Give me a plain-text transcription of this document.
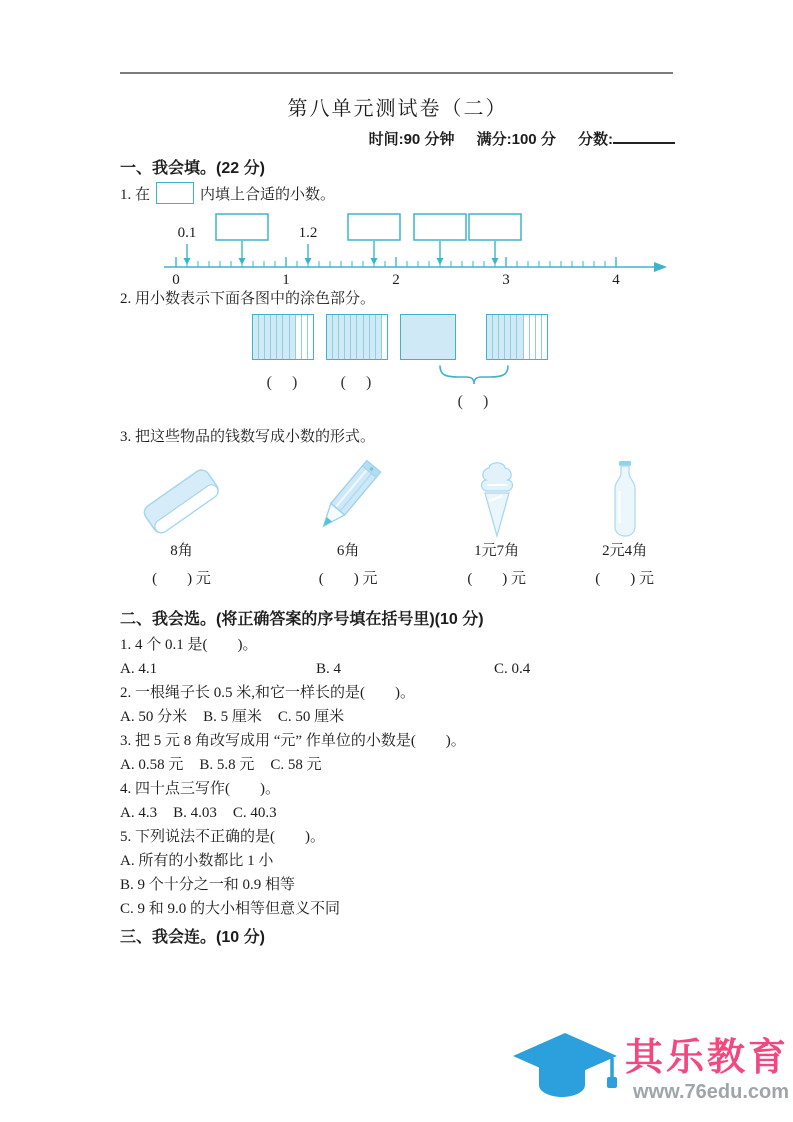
第八单元测试卷（二）
时间:90 分钟 满分:100 分 分数:
一、我会填。(22 分)
1. 在	内填上合适的小数。
0	1	2	3	4
0.1	1.2
2. 用小数表示下面各图中的涂色部分。
(　)	(　)
(　)
3. 把这些物品的钱数写成小数的形式。
8角
(　　) 元
6角
(　　) 元
1元7角
(　　) 元
2元4角
(　　) 元
二、我会选。(将正确答案的序号填在括号里)(10 分)
1. 4 个 0.1 是(　　)。
A. 4.1	B. 4	C. 0.4
2. 一根绳子长 0.5 米,和它一样长的是(　　)。
A. 50 分米 B. 5 厘米 C. 50 厘米
3. 把 5 元 8 角改写成用 “元” 作单位的小数是(　　)。
A. 0.58 元 B. 5.8 元 C. 58 元
4. 四十点三写作(　　)。
A. 4.3 B. 4.03 C. 40.3
5. 下列说法不正确的是(　　)。
A. 所有的小数都比 1 小
B. 9 个十分之一和 0.9 相等
C. 9 和 9.0 的大小相等但意义不同
三、我会连。(10 分)
其乐教育
www.76edu.com
